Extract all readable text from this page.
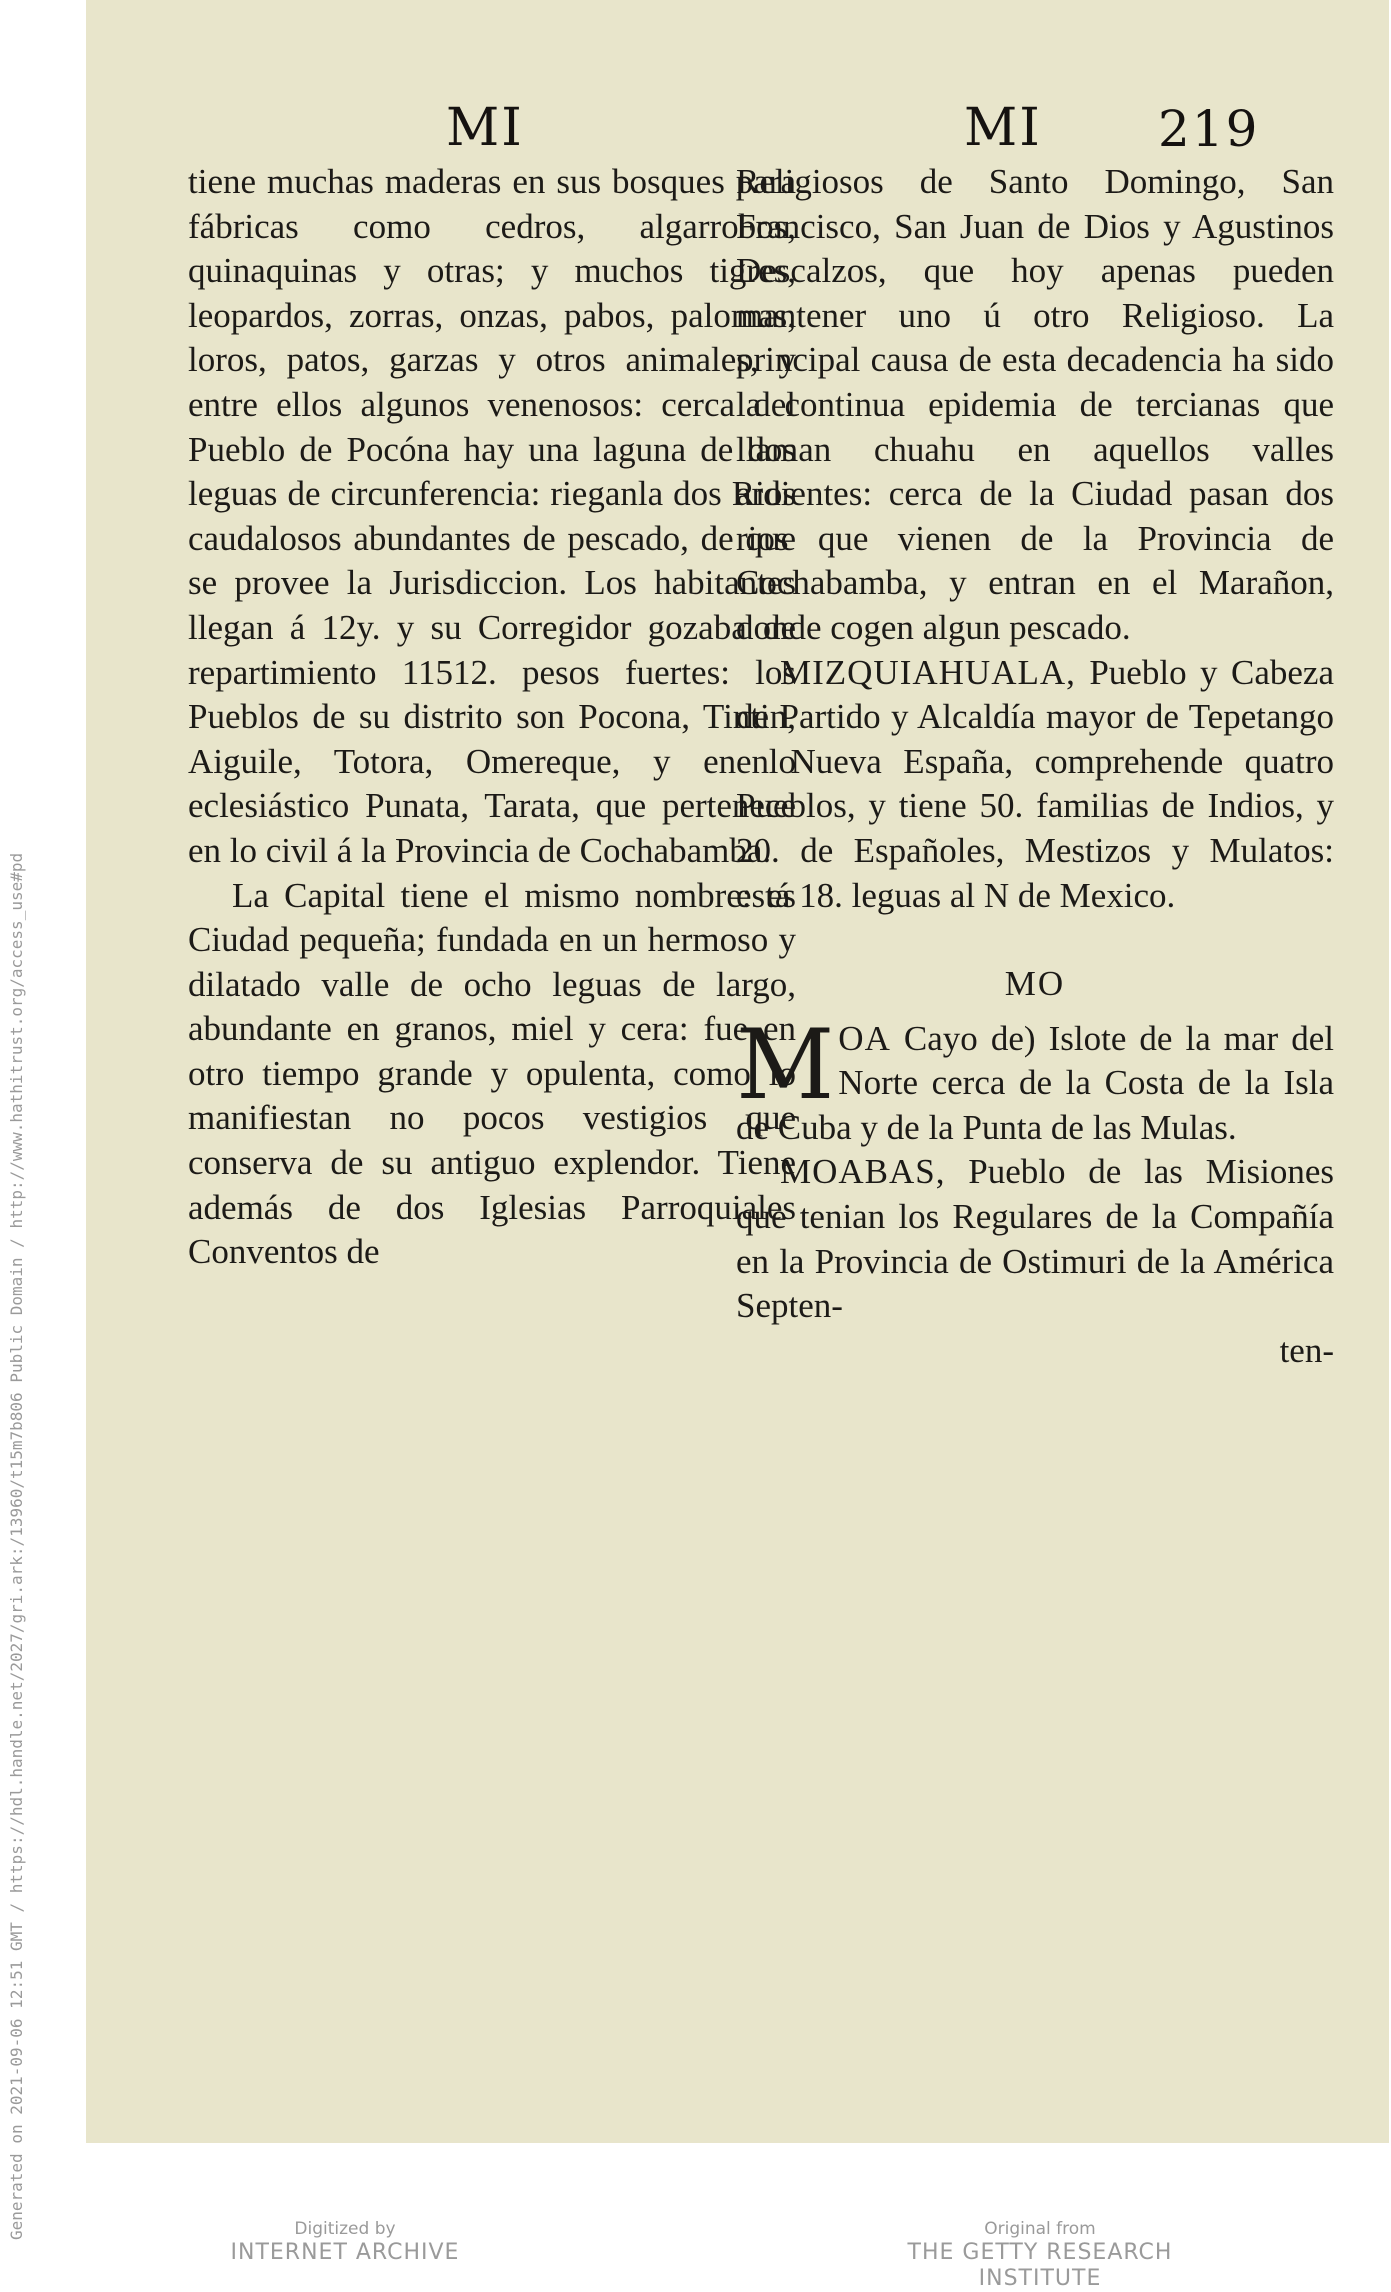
Generated on 2021-09-06 12:51 GMT / https://hdl.handle.net/2027/gri.ark:/13960/t15m7b806 Public Domain / http://www.hathitrust.org/access_use#pd
MI	MI 219

tiene muchas maderas en sus bosques para fábricas como cedros, algarrobos, quinaquinas y otras; y muchos tigres, leopardos, zorras, onzas, pabos, palomas, loros, patos, garzas y otros animales, y entre ellos algunos venenosos: cerca del Pueblo de Pocóna hay una laguna de dos leguas de circunferencia: rieganla dos Rios caudalosos abundantes de pescado, de que se provee la Jurisdiccion. Los habitantes llegan á 12y. y su Corregidor gozaba de repartimiento 11512. pesos fuertes: los Pueblos de su distrito son Pocona, Tintin, Aiguile, Totora, Omereque, y en lo eclesiástico Punata, Tarata, que pertenece en lo civil á la Provincia de Cochabamba.

La Capital tiene el mismo nombre: es Ciudad pequeña; fundada en un hermoso y dilatado valle de ocho leguas de largo, abundante en granos, miel y cera: fue en otro tiempo grande y opulenta, como lo manifiestan no pocos vestigios que conserva de su antiguo explendor. Tiene además de dos Iglesias Parroquiales Conventos de

Religiosos de Santo Domingo, San Francisco, San Juan de Dios y Agustinos Descalzos, que hoy apenas pueden mantener uno ú otro Religioso. La principal causa de esta decadencia ha sido la continua epidemia de tercianas que llaman chuahu en aquellos valles ardientes: cerca de la Ciudad pasan dos rios que vienen de la Provincia de Cochabamba, y entran en el Marañon, donde cogen algun pescado.

MIZQUIAHUALA, Pueblo y Cabeza de Partido y Alcaldía mayor de Tepetango en Nueva España, comprehende quatro Pueblos, y tiene 50. familias de Indios, y 20. de Españoles, Mestizos y Mulatos: está 18. leguas al N de Mexico.

MO

MOA Cayo de) Islote de la mar del Norte cerca de la Costa de la Isla de Cuba y de la Punta de las Mulas.

MOABAS, Pueblo de las Misiones que tenian los Regulares de la Compañía en la Provincia de Ostimuri de la América Septen-

ten-

Digitized by
INTERNET ARCHIVE
Original from
THE GETTY RESEARCH INSTITUTE
